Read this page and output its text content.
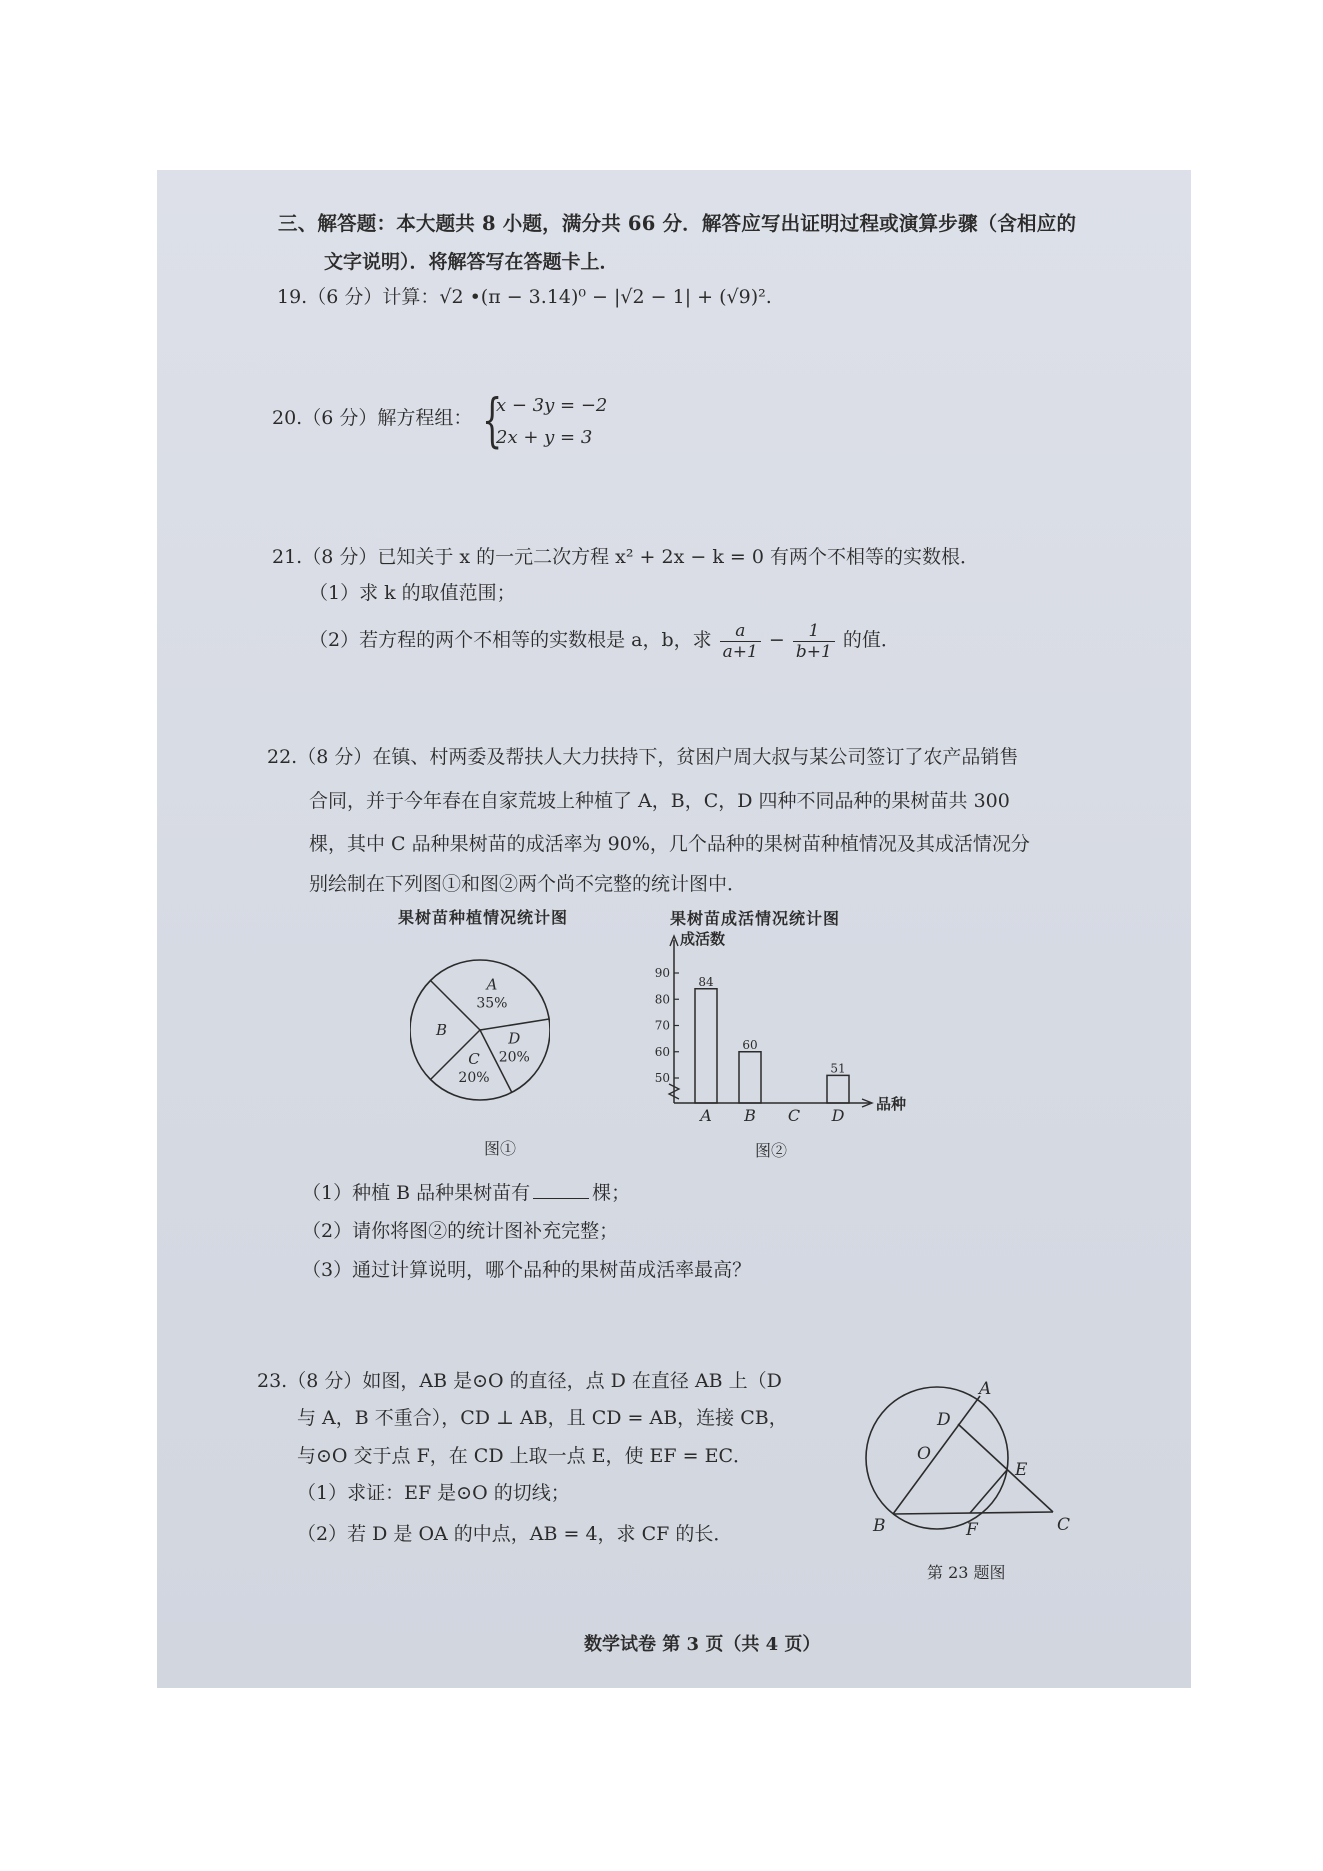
三、解答题：本大题共 8 小题，满分共 66 分．解答应写出证明过程或演算步骤（含相应的
文字说明）．将解答写在答题卡上．
19.（6 分）计算：√2 •(π − 3.14)⁰ − |√2 − 1| + (√9)².
20.（6 分）解方程组： {
x − 3y = −2
2x + y = 3
21.（8 分）已知关于 x 的一元二次方程 x² + 2x − k = 0 有两个不相等的实数根．
（1）求 k 的取值范围；
（2）若方程的两个不相等的实数根是 a，b，求 $\frac{a}{a+1} - \frac{1}{b+1}$ 的值．
22.（8 分）在镇、村两委及帮扶人大力扶持下，贫困户周大叔与某公司签订了农产品销售
合同，并于今年春在自家荒坡上种植了 A，B，C，D 四种不同品种的果树苗共 300
棵，其中 C 品种果树苗的成活率为 90%，几个品种的果树苗种植情况及其成活情况分
别绘制在下列图①和图②两个尚不完整的统计图中．
果树苗种植情况统计图	果树苗成活情况统计图
A
35%
D
20%
C
20%
B
图①
成活数
品种
50
60
70
80
90
84
60
51
A B C D
图②
（1）种植 B 品种果树苗有	棵；
（2）请你将图②的统计图补充完整；
（3）通过计算说明，哪个品种的果树苗成活率最高？
23.（8 分）如图，AB 是⊙O 的直径，点 D 在直径 AB 上（D
与 A，B 不重合），CD ⊥ AB，且 CD = AB，连接 CB，
与⊙O 交于点 F，在 CD 上取一点 E，使 EF = EC．
（1）求证：EF 是⊙O 的切线；
（2）若 D 是 OA 的中点，AB = 4，求 CF 的长．
A
D
O
E
B	F	C
第 23 题图
数学试卷 第 3 页（共 4 页）
